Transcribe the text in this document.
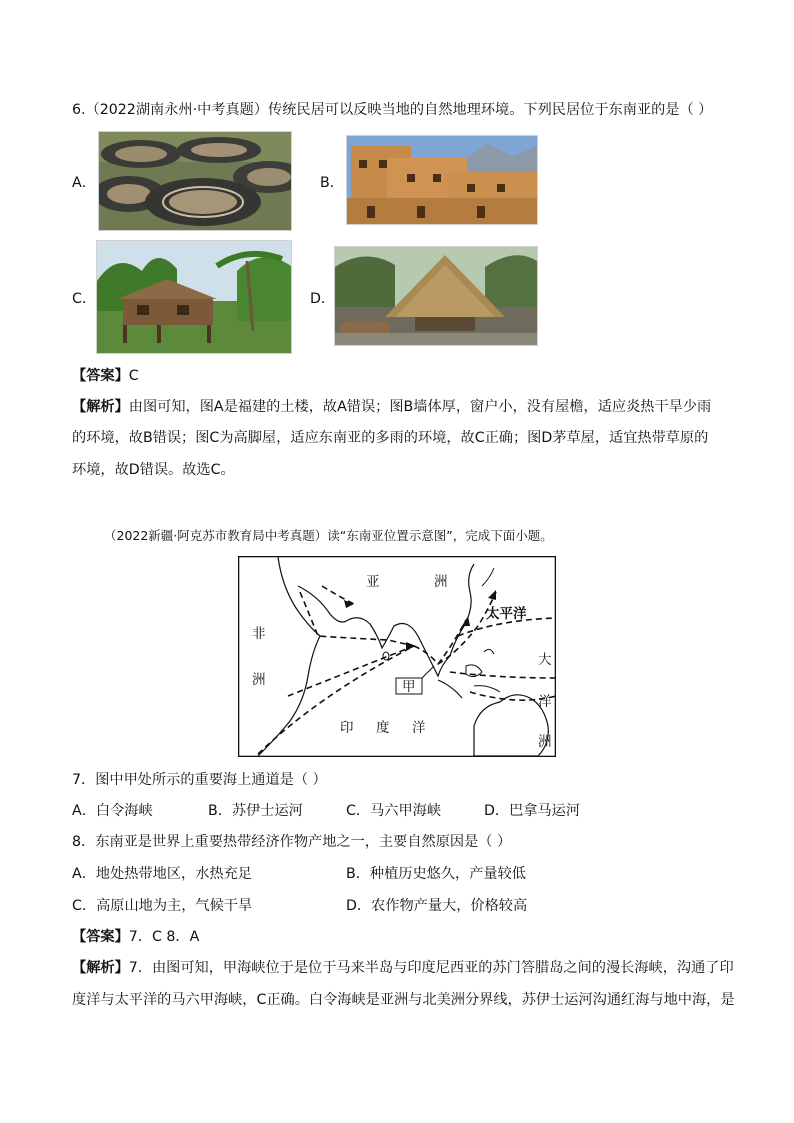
6.（2022湖南永州·中考真题）传统民居可以反映当地的自然地理环境。下列民居位于东南亚的是（ ）
A．	B．
C．	D．
【答案】C
【解析】由图可知，图A是福建的土楼，故A错误；图B墙体厚，窗户小，没有屋檐，适应炎热干旱少雨
的环境，故B错误；图C为高脚屋，适应东南亚的多雨的环境，故C正确；图D茅草屋，适宜热带草原的
环境，故D错误。故选C。
（2022新疆·阿克苏市教育局中考真题）读“东南亚位置示意图”，完成下面小题。
甲
亚	洲
非
洲
太平洋
大
洋
洲
印 度 洋
7．图中甲处所示的重要海上通道是（ ）
A．白令海峡	B．苏伊士运河	C．马六甲海峡	D．巴拿马运河
8．东南亚是世界上重要热带经济作物产地之一，主要自然原因是（ ）
A．地处热带地区，水热充足	B．种植历史悠久，产量较低
C．高原山地为主，气候干旱	D．农作物产量大，价格较高
【答案】7．C 8．A
【解析】7．由图可知，甲海峡位于是位于马来半岛与印度尼西亚的苏门答腊岛之间的漫长海峡，沟通了印
度洋与太平洋的马六甲海峡，C正确。白令海峡是亚洲与北美洲分界线，苏伊士运河沟通红海与地中海，是
